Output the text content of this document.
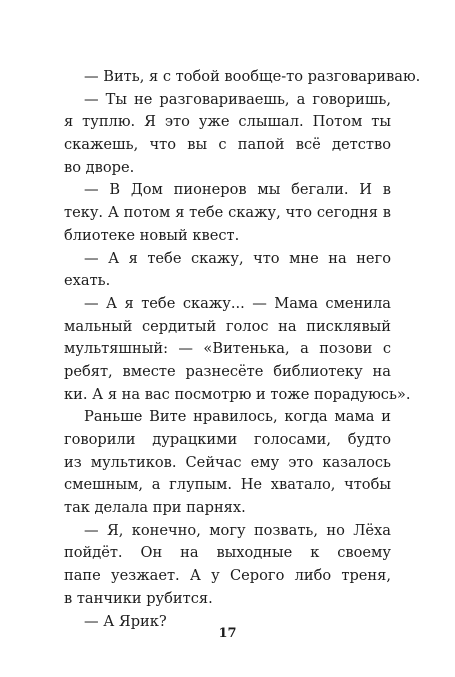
— Вить, я с тобой вообще-то разговариваю.
— Ты не разговариваешь, а говоришь,
я туплю. Я это уже слышал. Потом ты
скажешь, что вы с папой всё детство
во дворе.
— В Дом пионеров мы бегали. И в
теку. А потом я тебе скажу, что сегодня в
блиотеке новый квест.
— А я тебе скажу, что мне на него
ехать.
— А я тебе скажу... — Мама сменила
мальный сердитый голос на писклявый
мультяшный: — «Витенька, а позови с
ребят, вместе разнесёте библиотеку на
ки. А я на вас посмотрю и тоже порадуюсь».
Раньше Вите нравилось, когда мама и
говорили дурацкими голосами, будто
из мультиков. Сейчас ему это казалось
смешным, а глупым. Не хватало, чтобы
так делала при парнях.
— Я, конечно, могу позвать, но Лёха
пойдёт. Он на выходные к своему
папе уезжает. А у Серого либо треня,
в танчики рубится.
— А Ярик?
17
